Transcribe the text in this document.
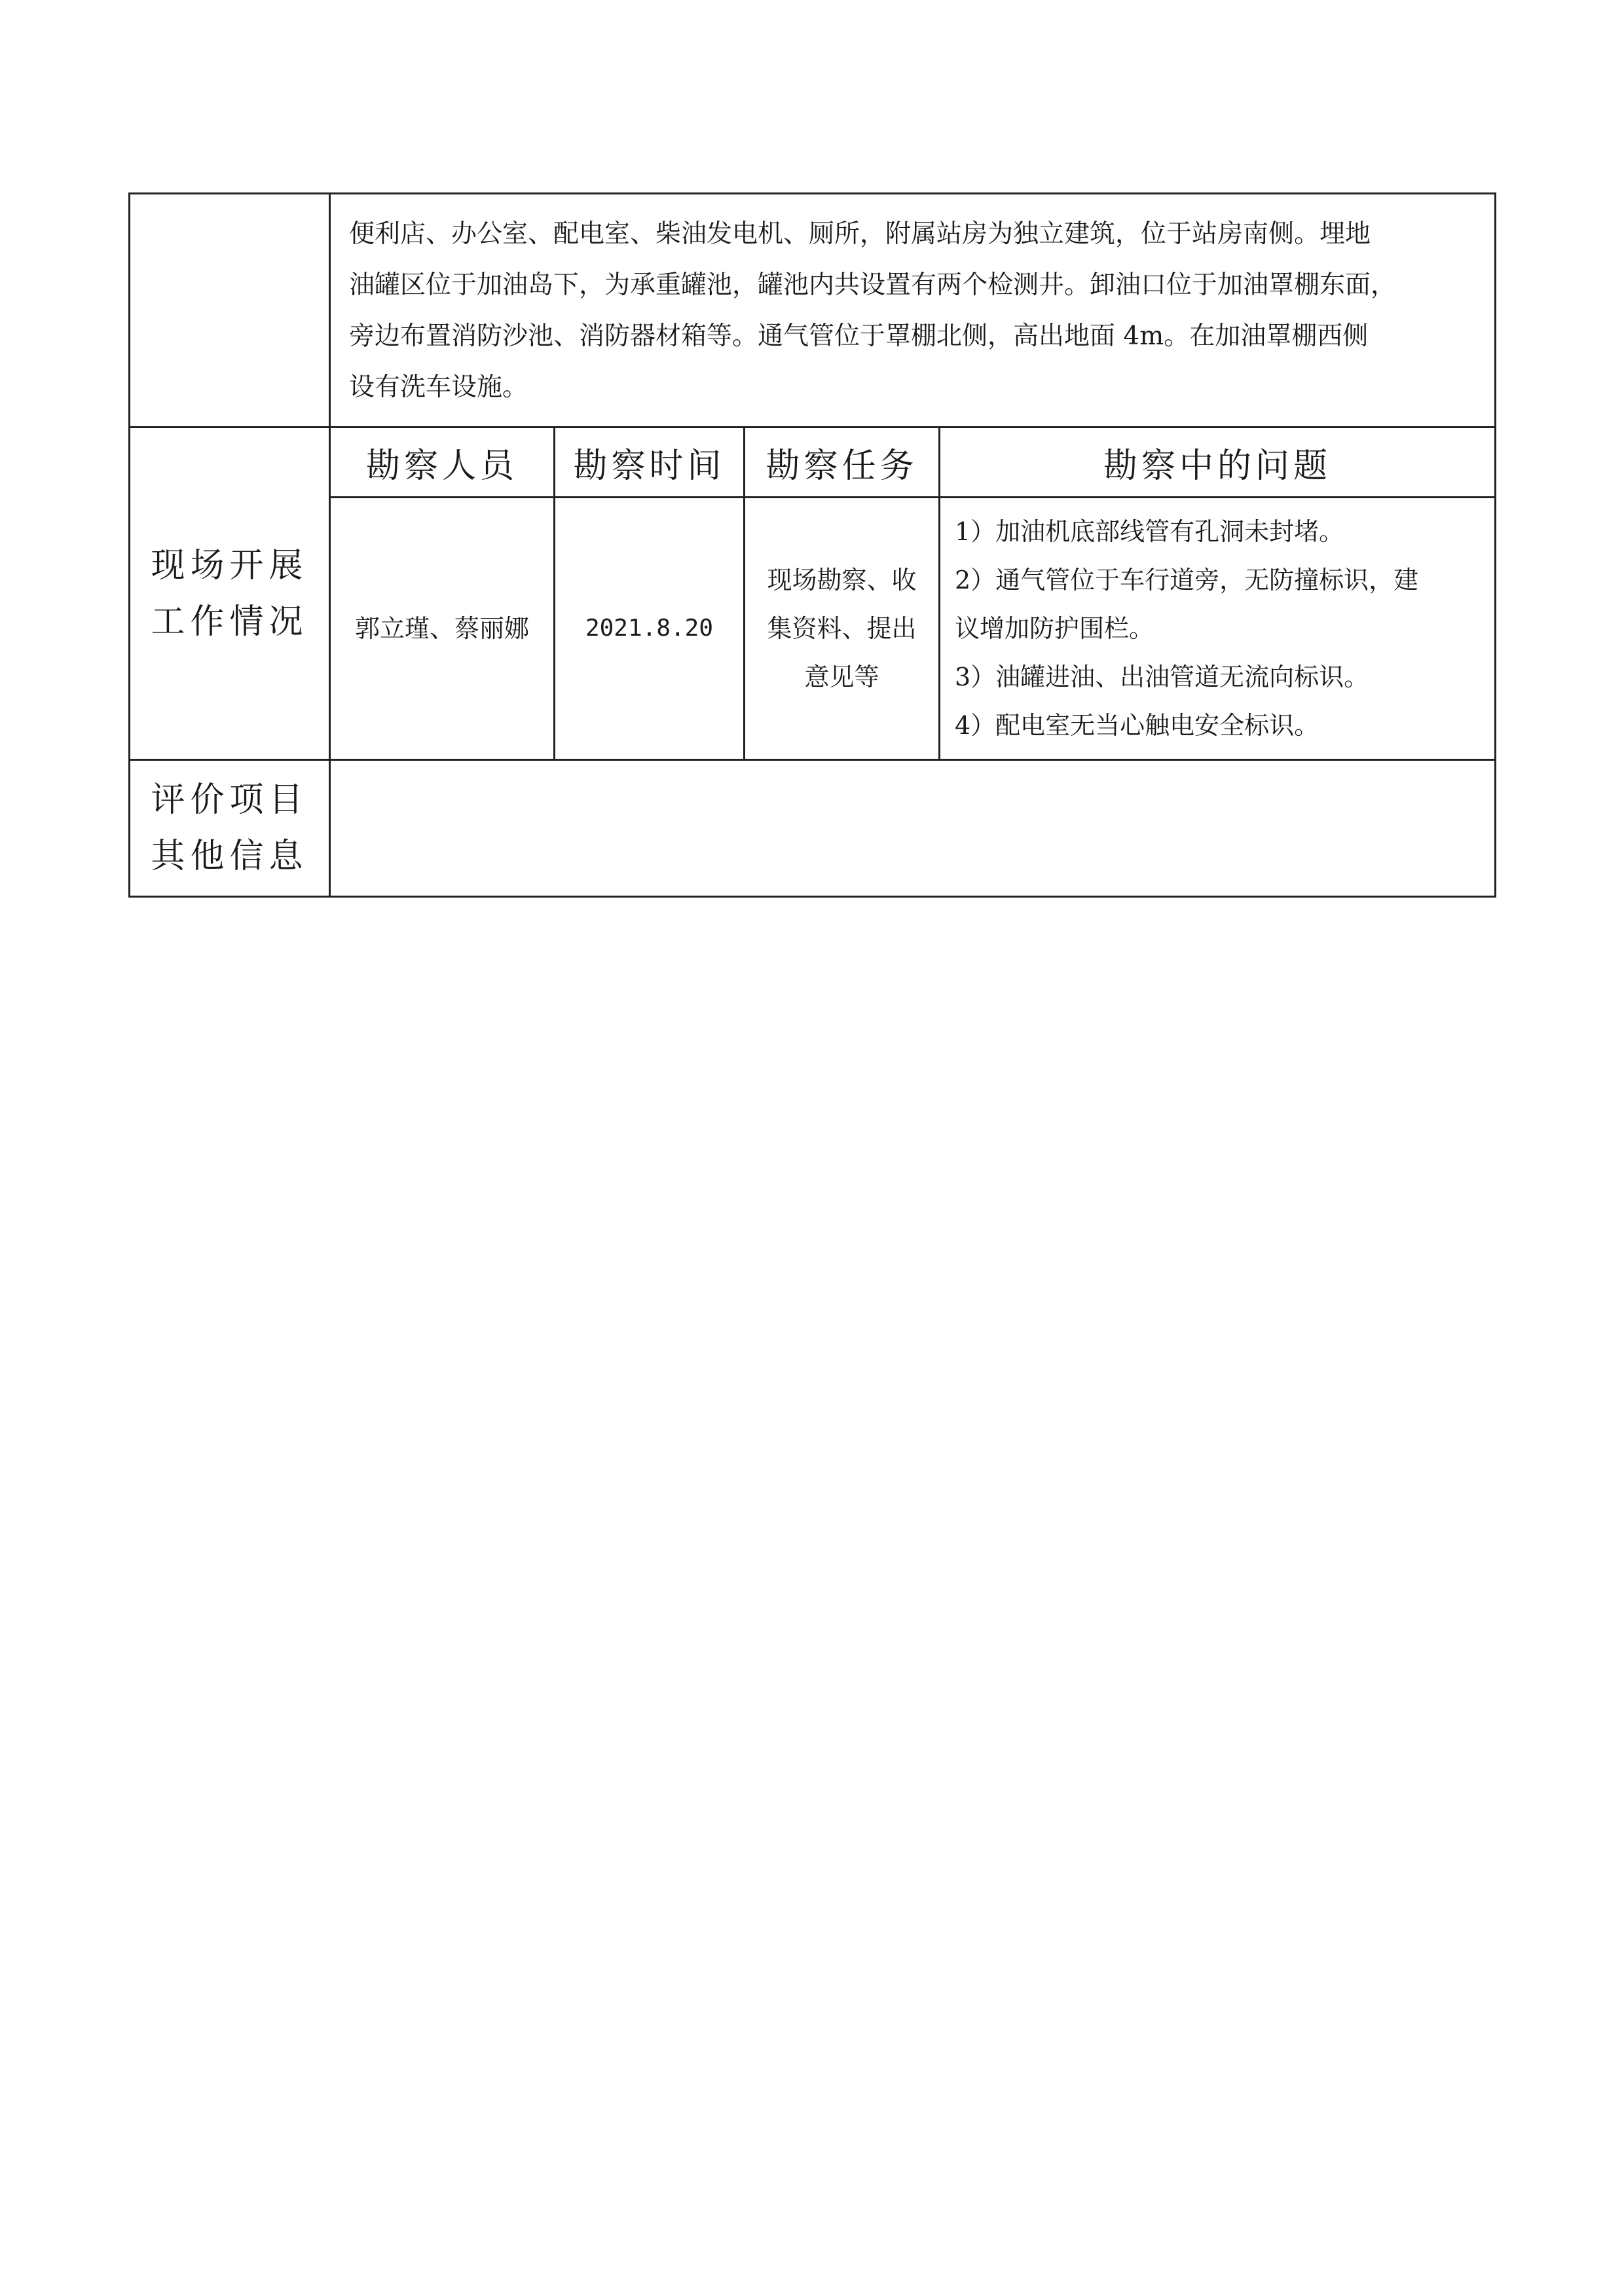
	便利店、办公室、配电室、柴油发电机、厕所，附属站房为独立建筑，位于站房南侧。埋地
油罐区位于加油岛下，为承重罐池，罐池内共设置有两个检测井。卸油口位于加油罩棚东面，
旁边布置消防沙池、消防器材箱等。通气管位于罩棚北侧，高出地面 4m。在加油罩棚西侧
设有洗车设施。			

现场开展
工作情况	勘察人员	勘察时间	勘察任务	勘察中的问题
	郭立瑾、蔡丽娜	2021.8.20	现场勘察、收
集资料、提出
意见等	1）加油机底部线管有孔洞未封堵。
2）通气管位于车行道旁，无防撞标识，建
议增加防护围栏。
3）油罐进油、出油管道无流向标识。
4）配电室无当心触电安全标识。

评价项目
其他信息				
